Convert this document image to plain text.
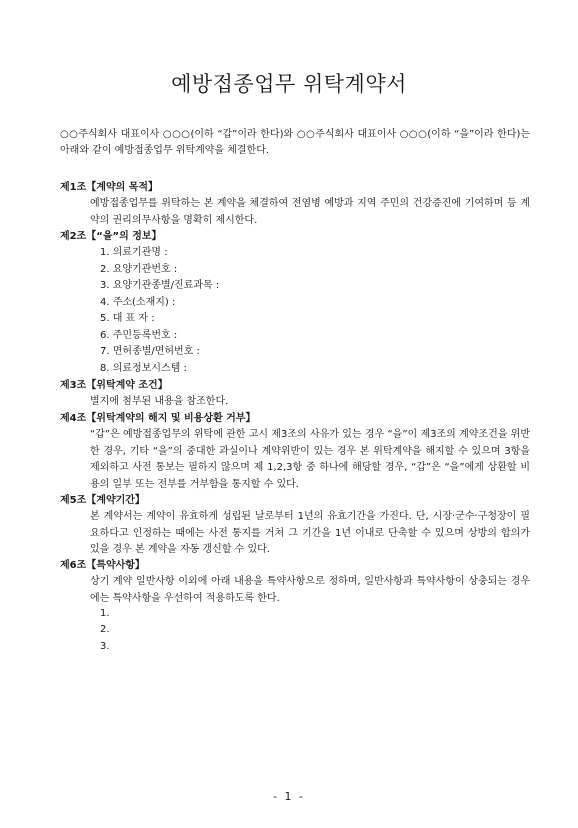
예방접종업무 위탁계약서
○○주식회사 대표이사 ○○○(이하 “갑”이라 한다)와 ○○주식회사 대표이사 ○○○(이하 “을”이라 한다)는 아래와 같이 예방접종업무 위탁계약을 체결한다.
제1조【계약의 목적】
예방접종업무를 위탁하는 본 계약을 체결하여 전염병 예방과 지역 주민의 건강증진에 기여하며 등 계약의 권리의무사항을 명확히 제시한다.
제2조【“을”의 정보】
1. 의료기관명 :
2. 요양기관번호 :
3. 요양기관종별/진료과목 :
4. 주소(소재지) :
5. 대 표 자 :
6. 주민등록번호 :
7. 면허종별/면허번호 :
8. 의료정보시스템 :
제3조【위탁계약 조건】
별지에 첨부된 내용을 참조한다.
제4조【위탁계약의 해지 및 비용상환 거부】
“갑”은 예방접종업무의 위탁에 관한 고시 제3조의 사유가 있는 경우 “을”이 제3조의 계약조건을 위반한 경우, 기타 “을”의 중대한 과실이나 계약위반이 있는 경우 본 위탁계약을 해지할 수 있으며 3항을 제외하고 사전 통보는 필하지 않으며 제 1,2,3항 중 하나에 해당할 경우, “갑”은 “을”에게 상환할 비용의 일부 또는 전부를 거부함을 통지할 수 있다.
제5조【계약기간】
본 계약서는 계약이 유효하게 성립된 날로부터 1년의 유효기간을 가진다. 단, 시장·군수·구청장이 필요하다고 인정하는 때에는 사전 통지를 거쳐 그 기간을 1년 이내로 단축할 수 있으며 상방의 합의가 있을 경우 본 계약을 자동 갱신할 수 있다.
제6조【특약사항】
상기 계약 일반사항 이외에 아래 내용을 특약사항으로 정하며, 일반사항과 특약사항이 상충되는 경우에는 특약사항을 우선하여 적용하도록 한다.
1.
2.
3.
- 1 -
